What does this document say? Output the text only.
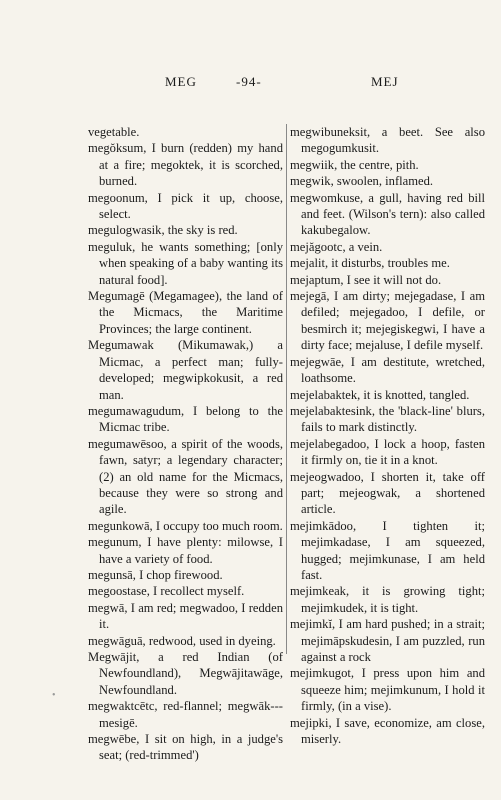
MEG	-94-	MEJ

vegetable.

megŏksum, I burn (redden) my hand at a fire; megoktek, it is scorched, burned.

megoonum, I pick it up, choose, select.

megulogwasik, the sky is red.

meguluk, he wants something; [only when speaking of a baby wanting its natural food].

Megumagē (Megamagee), the land of the Micmacs, the Maritime Provinces; the large continent.

Megumawak (Mikumawak,) a Micmac, a perfect man; fully-developed; megwipkokusit, a red man.

megumawagudum, I belong to the Micmac tribe.

megumawēsoo, a spirit of the woods, fawn, satyr; a legendary character; (2) an old name for the Micmacs, because they were so strong and agile.

megunkowā, I occupy too much room.

megunum, I have plenty: milowse, I have a variety of food.

megunsā, I chop firewood.

megoostase, I recollect myself.

megwā, I am red; megwadoo, I redden it.

megwāguā, redwood, used in dyeing.

Megwājit, a red Indian (of Newfoundland), Megwājitawāge, Newfoundland.

megwaktcētc, red-flannel; megwāk---mesigē.

megwēbe, I sit on high, in a judge's seat; (red-trimmed')

megwibuneksit, a beet. See also megogumkusit.

megwiik, the centre, pith.

megwik, swoolen, inflamed.

megwomkuse, a gull, having red bill and feet. (Wilson's tern): also called kakubegalow.

mejăgootc, a vein.

mejalit, it disturbs, troubles me.

mejaptum, I see it will not do.

mejegā, I am dirty; mejegadase, I am defiled; mejegadoo, I defile, or besmirch it; mejegiskegwi, I have a dirty face; mejaluse, I defile myself.

mejegwāe, I am destitute, wretched, loathsome.

mejelabaktek, it is knotted, tangled.

mejelabaktesink, the 'black-line' blurs, fails to mark distinctly.

mejelabegadoo, I lock a hoop, fasten it firmly on, tie it in a knot.

mejeogwadoo, I shorten it, take off part; mejeogwak, a shortened article.

mejimkādoo, I tighten it; mejimkadase, I am squeezed, hugged; mejimkunase, I am held fast.

mejimkeak, it is growing tight; mejimkudek, it is tight.

mejimkĭ, I am hard pushed; in a strait; mejimāpskudesin, I am puzzled, run against a rock

mejimkugot, I press upon him and squeeze him; mejimkunum, I hold it firmly, (in a vise).

mejipki, I save, economize, am close, miserly.

•
